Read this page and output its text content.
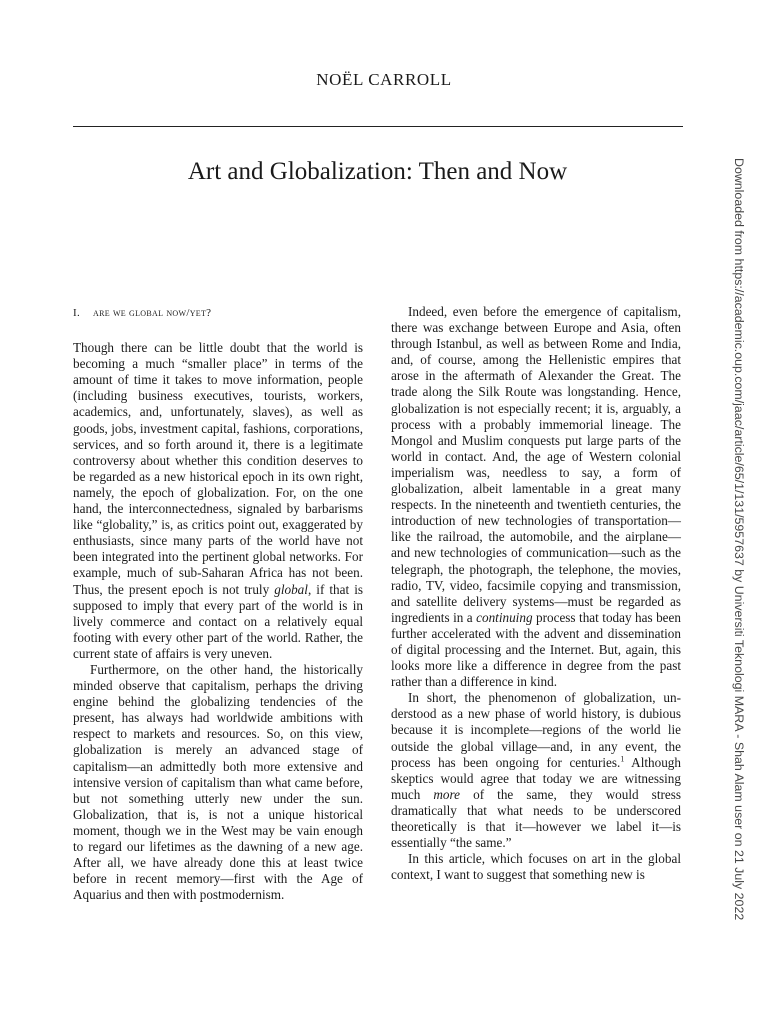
NOËL CARROLL
Art and Globalization: Then and Now
I. are we global now/yet?

Though there can be little doubt that the world is becoming a much “smaller place” in terms of the amount of time it takes to move information, people (including business executives, tourists, workers, academics, and, unfortunately, slaves), as well as goods, jobs, investment capital, fashions, corporations, services, and so forth around it, there is a legitimate controversy about whether this condition deserves to be regarded as a new historical epoch in its own right, namely, the epoch of globalization. For, on the one hand, the interconnectedness, signaled by barbarisms like “globality,” is, as critics point out, exaggerated by enthusiasts, since many parts of the world have not been integrated into the pertinent global networks. For example, much of sub-Saharan Africa has not been. Thus, the present epoch is not truly global, if that is supposed to imply that every part of the world is in lively commerce and contact on a relatively equal footing with every other part of the world. Rather, the current state of affairs is very uneven.

Furthermore, on the other hand, the historically minded observe that capitalism, perhaps the driving engine behind the globalizing tendencies of the present, has always had worldwide ambitions with respect to markets and resources. So, on this view, globalization is merely an advanced stage of capitalism—an admittedly both more extensive and intensive version of capitalism than what came before, but not something utterly new under the sun. Globalization, that is, is not a unique historical moment, though we in the West may be vain enough to regard our lifetimes as the dawning of a new age. After all, we have already done this at least twice before in recent memory—first with the Age of Aquarius and then with postmodernism.

Indeed, even before the emergence of capitalism, there was exchange between Europe and Asia, often through Istanbul, as well as between Rome and India, and, of course, among the Hellenistic empires that arose in the aftermath of Alexander the Great. The trade along the Silk Route was longstanding. Hence, globalization is not especially recent; it is, arguably, a process with a probably immemorial lineage. The Mongol and Muslim conquests put large parts of the world in contact. And, the age of Western colonial imperialism was, needless to say, a form of globalization, albeit lamentable in a great many respects. In the nineteenth and twentieth centuries, the introduction of new technologies of transportation—like the railroad, the automobile, and the airplane—and new technologies of communication—such as the telegraph, the photograph, the telephone, the movies, radio, TV, video, facsimile copying and transmission, and satellite delivery systems—must be regarded as ingredients in a continuing process that today has been further accelerated with the advent and dissemination of digital processing and the Internet. But, again, this looks more like a difference in degree from the past rather than a difference in kind.

In short, the phenomenon of globalization, understood as a new phase of world history, is dubious because it is incomplete—regions of the world lie outside the global village—and, in any event, the process has been ongoing for centuries.$^1$ Although skeptics would agree that today we are witnessing much more of the same, they would stress dramatically that what needs to be underscored theoretically is that it—however we label it—is essentially “the same.”

In this article, which focuses on art in the global context, I want to suggest that something new is	Downloaded from https://academic.oup.com/jaac/article/65/1/131/5957637 by Universiti Teknologi MARA - Shah Alam user on 21 July 2022
